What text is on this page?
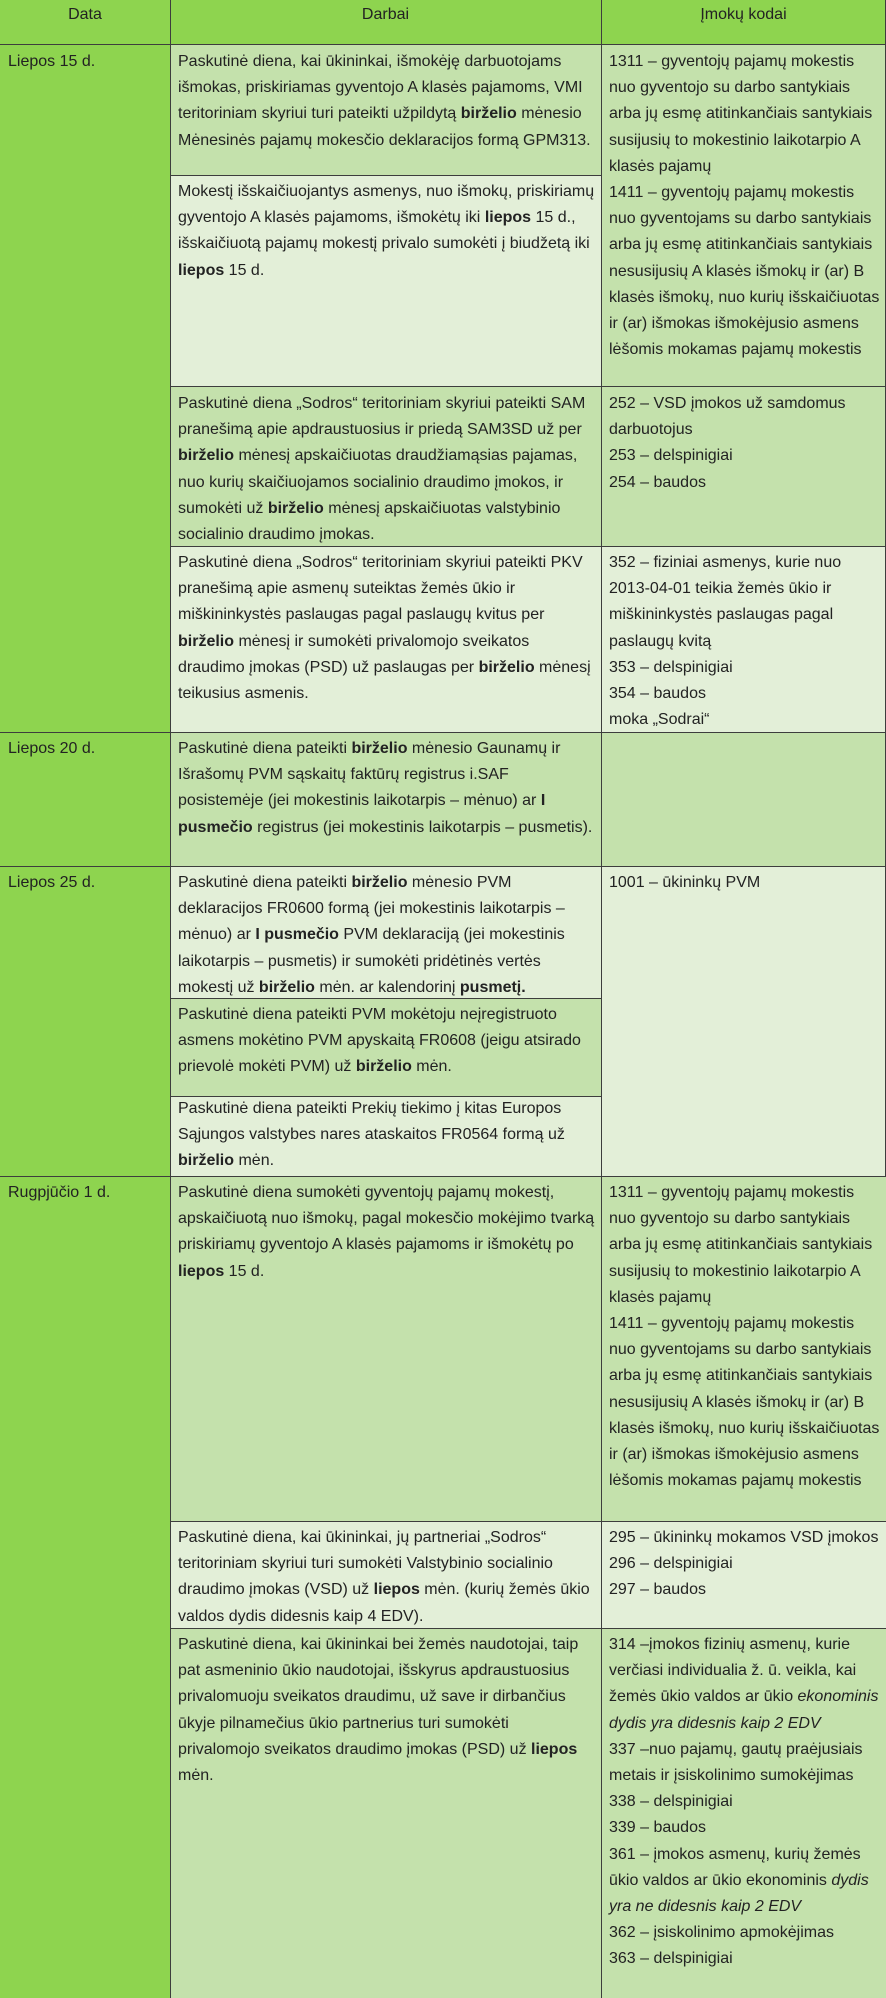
Data	Darbai	Įmokų kodai

Liepos 15 d.

Liepos 20 d.

Liepos 25 d.

Rugpjūčio 1 d.

Paskutinė diena, kai ūkininkai, išmokėję darbuotojams išmokas, priskiriamas gyventojo A klasės pajamoms, VMI teritoriniam skyriui turi pateikti užpildytą birželio mėnesio Mėnesinės pajamų mokesčio deklaracijos formą GPM313.

Mokestį išskaičiuojantys asmenys, nuo išmokų, priskiriamų gyventojo A klasės pajamoms, išmokėtų iki liepos 15 d., išskaičiuotą pajamų mokestį privalo sumokėti į biudžetą iki liepos 15 d.

1311 – gyventojų pajamų mokestis nuo gyventojo su darbo santykiais arba jų esmę atitinkančiais santykiais susijusių to mokestinio laikotarpio A klasės pajamų
1411 – gyventojų pajamų mokestis nuo gyventojams su darbo santykiais arba jų esmę atitinkančiais santykiais nesusijusių A klasės išmokų ir (ar) B klasės išmokų, nuo kurių išskaičiuotas ir (ar) išmokas išmokėjusio asmens lėšomis mokamas pajamų mokestis

Paskutinė diena „Sodros“ teritoriniam skyriui pateikti SAM pranešimą apie apdraustuosius ir priedą SAM3SD už per birželio mėnesį apskaičiuotas draudžiamąsias pajamas, nuo kurių skaičiuojamos socialinio draudimo įmokos, ir sumokėti už birželio mėnesį apskaičiuotas valstybinio socialinio draudimo įmokas.

252 – VSD įmokos už samdomus darbuotojus
253 – delspinigiai
254 – baudos

Paskutinė diena „Sodros“ teritoriniam skyriui pateikti PKV pranešimą apie asmenų suteiktas žemės ūkio ir miškininkystės paslaugas pagal paslaugų kvitus per birželio mėnesį ir sumokėti privalomojo sveikatos draudimo įmokas (PSD) už paslaugas per birželio mėnesį teikusius asmenis.

352 – fiziniai asmenys, kurie nuo 2013-04-01 teikia žemės ūkio ir miškininkystės paslaugas pagal paslaugų kvitą
353 – delspinigiai
354 – baudos
moka „Sodrai“

Paskutinė diena pateikti birželio mėnesio Gaunamų ir Išrašomų PVM sąskaitų faktūrų registrus i.SAF posistemėje (jei mokestinis laikotarpis – mėnuo) ar I pusmečio registrus (jei mokestinis laikotarpis – pusmetis).

Paskutinė diena pateikti birželio mėnesio PVM deklaracijos FR0600 formą (jei mokestinis laikotarpis – mėnuo) ar I pusmečio PVM deklaraciją (jei mokestinis laikotarpis – pusmetis) ir sumokėti pridėtinės vertės mokestį už birželio mėn. ar kalendorinį pusmetį.

Paskutinė diena pateikti PVM mokėtoju neįregistruoto asmens mokėtino PVM apyskaitą FR0608 (jeigu atsirado prievolė mokėti PVM) už birželio mėn.

Paskutinė diena pateikti Prekių tiekimo į kitas Europos Sąjungos valstybes nares ataskaitos FR0564 formą už birželio mėn.

1001 – ūkininkų PVM

Paskutinė diena sumokėti gyventojų pajamų mokestį, apskaičiuotą nuo išmokų, pagal mokesčio mokėjimo tvarką priskiriamų gyventojo A klasės pajamoms ir išmokėtų po liepos 15 d.

1311 – gyventojų pajamų mokestis nuo gyventojo su darbo santykiais arba jų esmę atitinkančiais santykiais susijusių to mokestinio laikotarpio A klasės pajamų
1411 – gyventojų pajamų mokestis nuo gyventojams su darbo santykiais arba jų esmę atitinkančiais santykiais nesusijusių A klasės išmokų ir (ar) B klasės išmokų, nuo kurių išskaičiuotas ir (ar) išmokas išmokėjusio asmens lėšomis mokamas pajamų mokestis

Paskutinė diena, kai ūkininkai, jų partneriai „Sodros“ teritoriniam skyriui turi sumokėti Valstybinio socialinio draudimo įmokas (VSD) už liepos mėn. (kurių žemės ūkio valdos dydis didesnis kaip 4 EDV).

295 – ūkininkų mokamos VSD įmokos
296 – delspinigiai
297 – baudos

Paskutinė diena, kai ūkininkai bei žemės naudotojai, taip pat asmeninio ūkio naudotojai, išskyrus apdraustuosius privalomuoju sveikatos draudimu, už save ir dirbančius ūkyje pilnamečius ūkio partnerius turi sumokėti privalomojo sveikatos draudimo įmokas (PSD) už liepos mėn.

314 –įmokos fizinių asmenų, kurie verčiasi individualia ž. ū. veikla, kai žemės ūkio valdos ar ūkio ekonominis dydis yra didesnis kaip 2 EDV
337 –nuo pajamų, gautų praėjusiais metais ir įsiskolinimo sumokėjimas
338 – delspinigiai
339 – baudos
361 – įmokos asmenų, kurių žemės ūkio valdos ar ūkio ekonominis dydis yra ne didesnis kaip 2 EDV
362 – įsiskolinimo apmokėjimas
363 – delspinigiai
